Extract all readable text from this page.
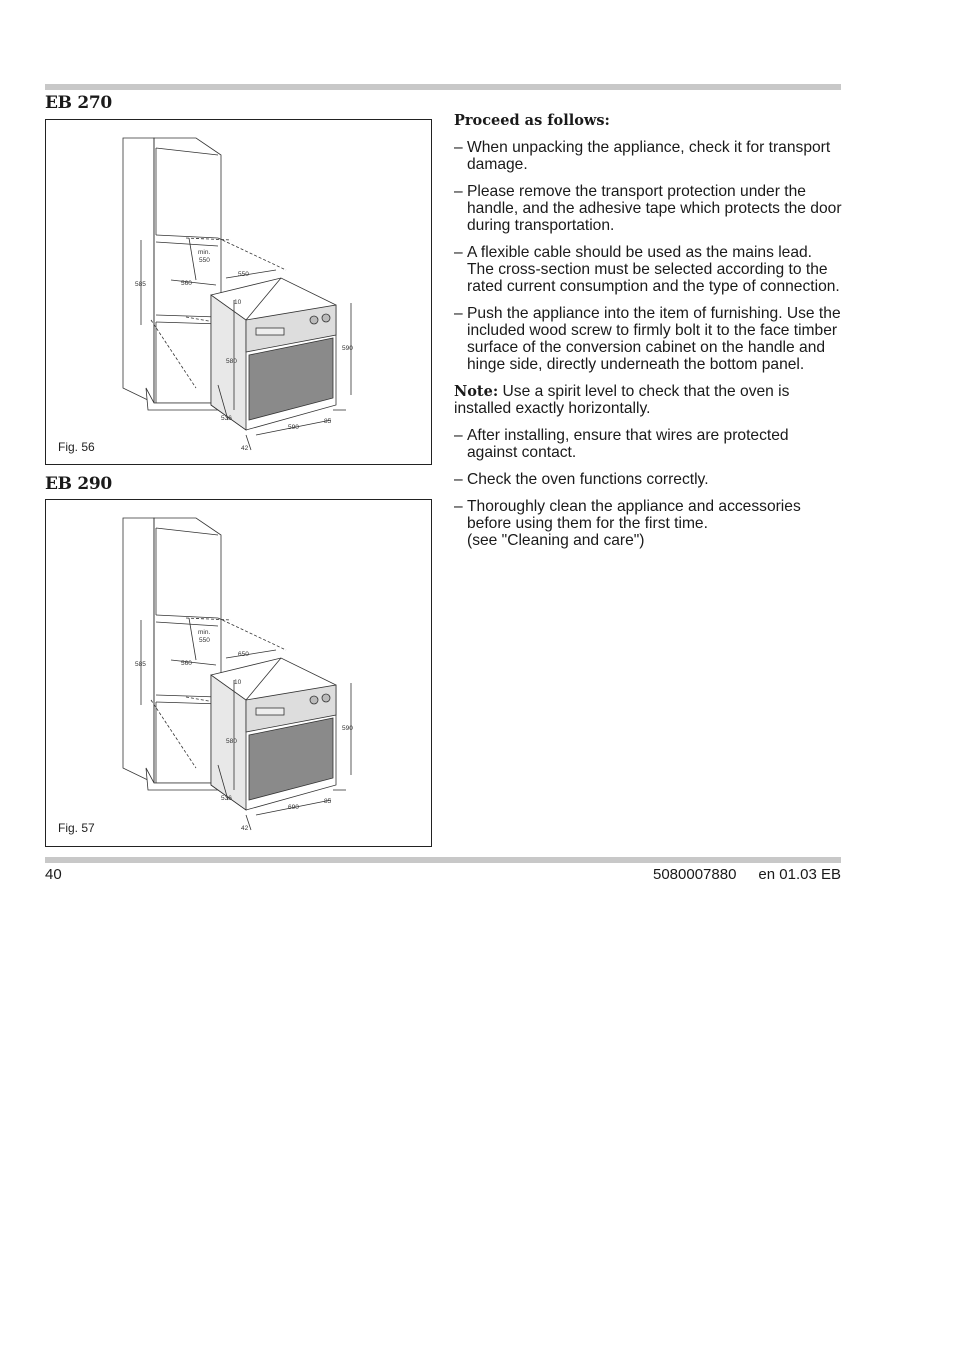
EB 270
585	560
min.
550
550
10
590
580
536
590
85
42
Fig. 56
EB 290
585	560
min.
550
650
10
590
580
536
690
85
42
Fig. 57
Proceed as follows:
– When unpacking the appliance, check it for transport damage.
– Please remove the transport protection under the handle, and the adhesive tape which protects the door during transportation.
– A flexible cable should be used as the mains lead. The cross-section must be selected according to the rated current consumption and the type of connection.
– Push the appliance into the item of furnishing. Use the included wood screw to firmly bolt it to the face timber surface of the conversion cabinet on the handle and hinge side, directly underneath the bottom panel.

Note: Use a spirit level to check that the oven is installed exactly horizontally.

– After installing, ensure that wires are protected against contact.
– Check the oven functions correctly.
– Thoroughly clean the appliance and accessories before using them for the first time.
(see "Cleaning and care")
40	5080007880 en 01.03 EB
